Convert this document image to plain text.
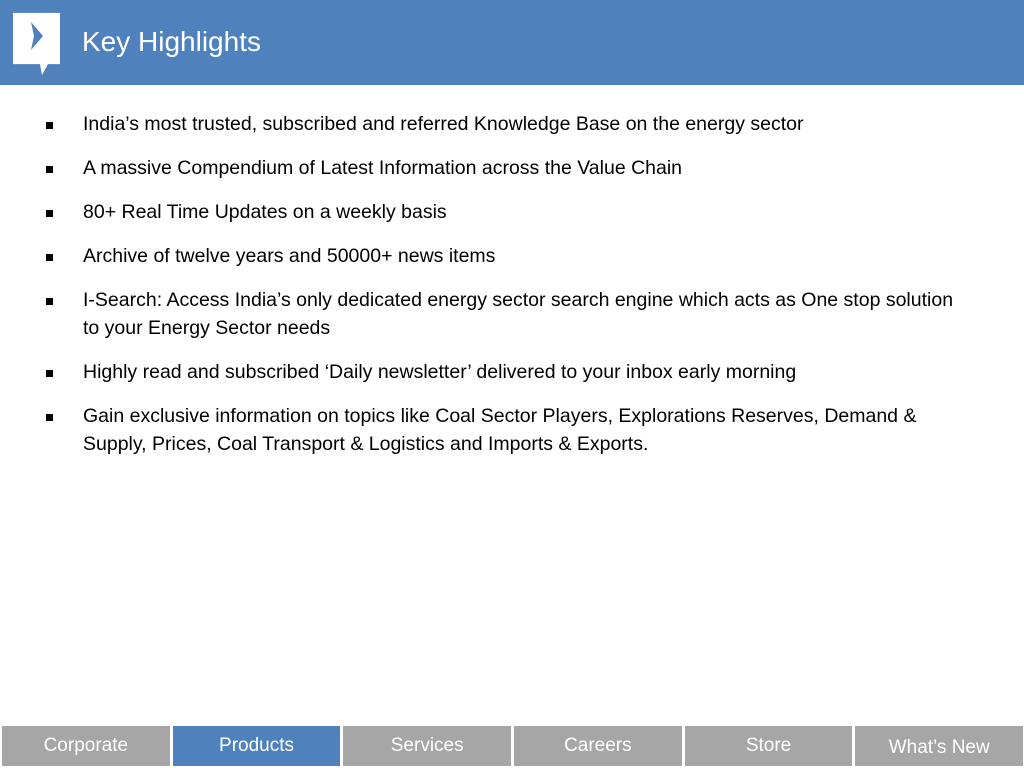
Key Highlights
India’s most trusted, subscribed and referred Knowledge Base on the energy sector
A massive Compendium of Latest Information across the Value Chain
80+ Real Time Updates on a weekly basis
Archive of twelve years and 50000+ news items
I-Search: Access India’s only dedicated energy sector search engine which acts as One stop solution to your Energy Sector needs
Highly read and subscribed ‘Daily newsletter’ delivered to your inbox early morning
Gain exclusive information on topics like Coal Sector Players, Explorations Reserves, Demand & Supply, Prices, Coal Transport & Logistics and Imports & Exports.
Corporate	Products	Services	Careers	Store	What’s New
